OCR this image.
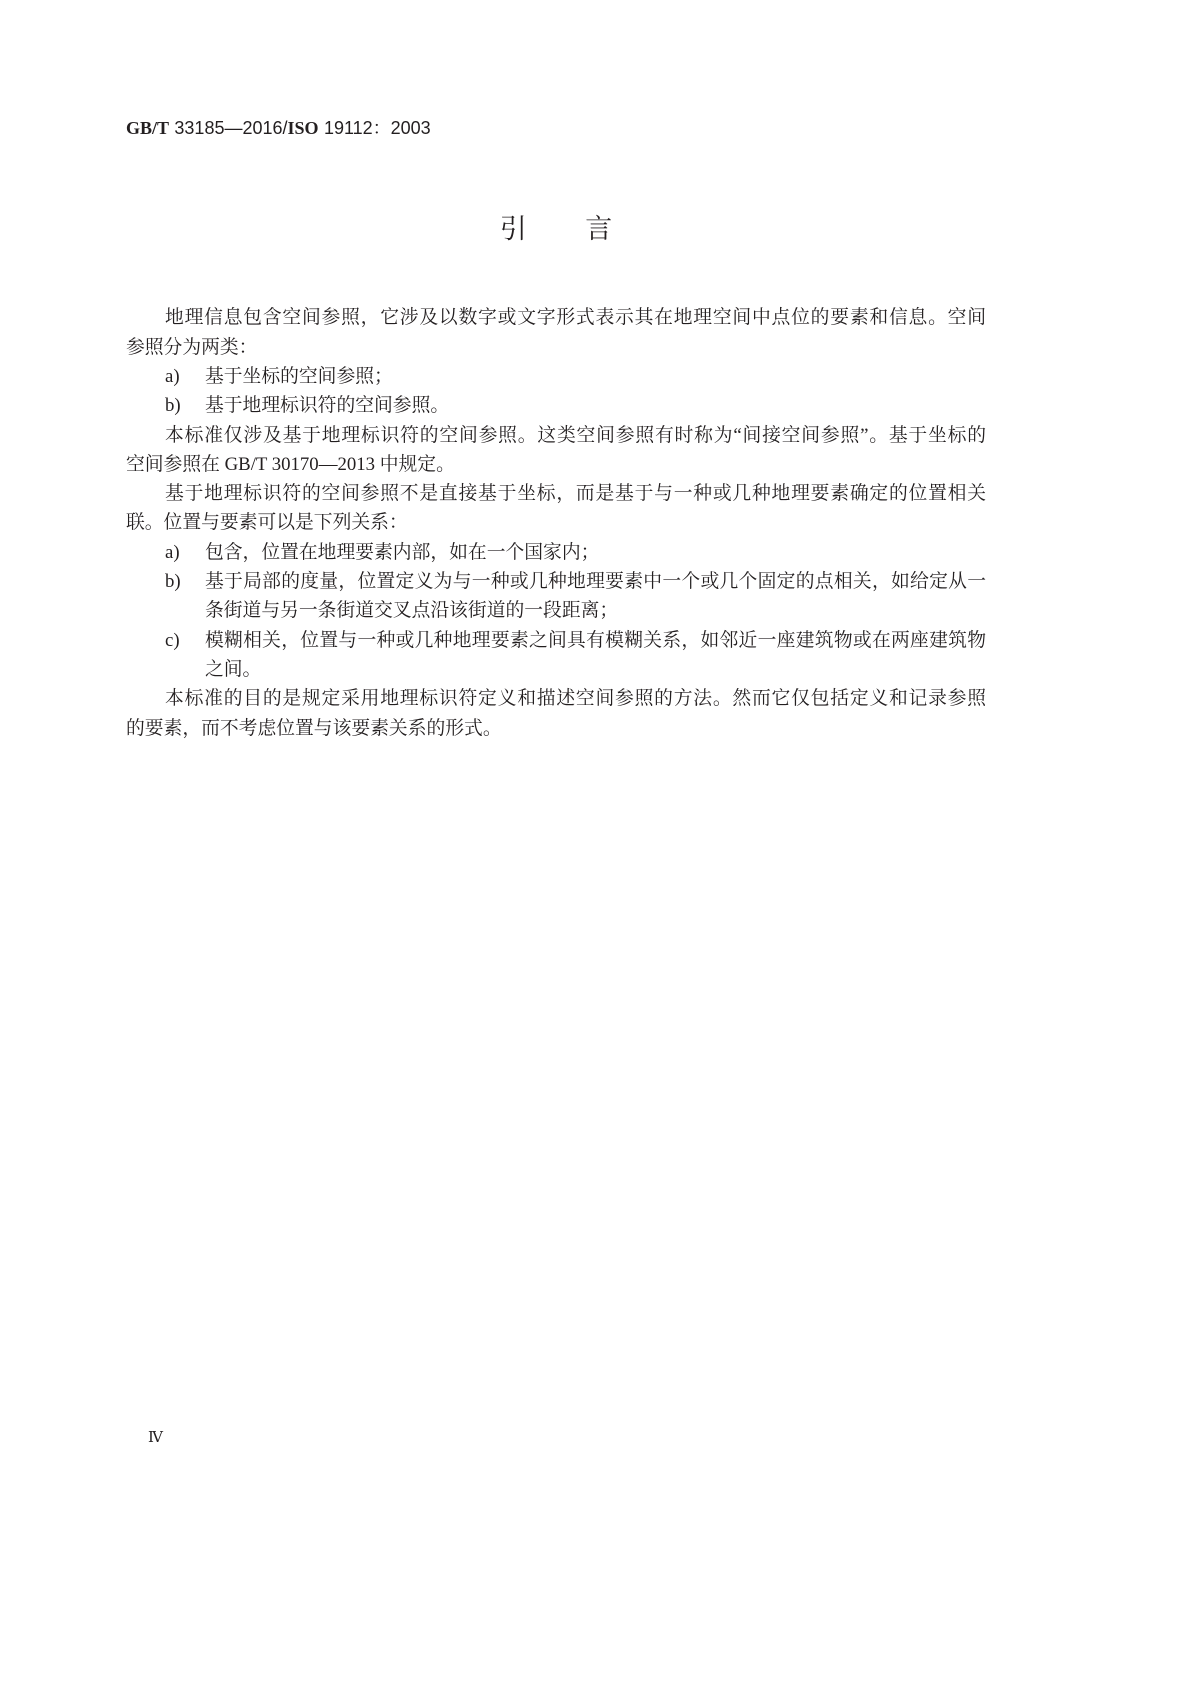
GB/T 33185—2016/ISO 19112：2003
引 言
地理信息包含空间参照，它涉及以数字或文字形式表示其在地理空间中点位的要素和信息。空间
参照分为两类：
a) 基于坐标的空间参照；
b) 基于地理标识符的空间参照。
本标准仅涉及基于地理标识符的空间参照。这类空间参照有时称为“间接空间参照”。基于坐标的
空间参照在 GB/T 30170—2013 中规定。
基于地理标识符的空间参照不是直接基于坐标，而是基于与一种或几种地理要素确定的位置相关
联。位置与要素可以是下列关系：
a) 包含，位置在地理要素内部，如在一个国家内；
b) 基于局部的度量，位置定义为与一种或几种地理要素中一个或几个固定的点相关，如给定从一
条街道与另一条街道交叉点沿该街道的一段距离；
c) 模糊相关，位置与一种或几种地理要素之间具有模糊关系，如邻近一座建筑物或在两座建筑物
之间。
本标准的目的是规定采用地理标识符定义和描述空间参照的方法。然而它仅包括定义和记录参照
的要素，而不考虑位置与该要素关系的形式。
Ⅳ
